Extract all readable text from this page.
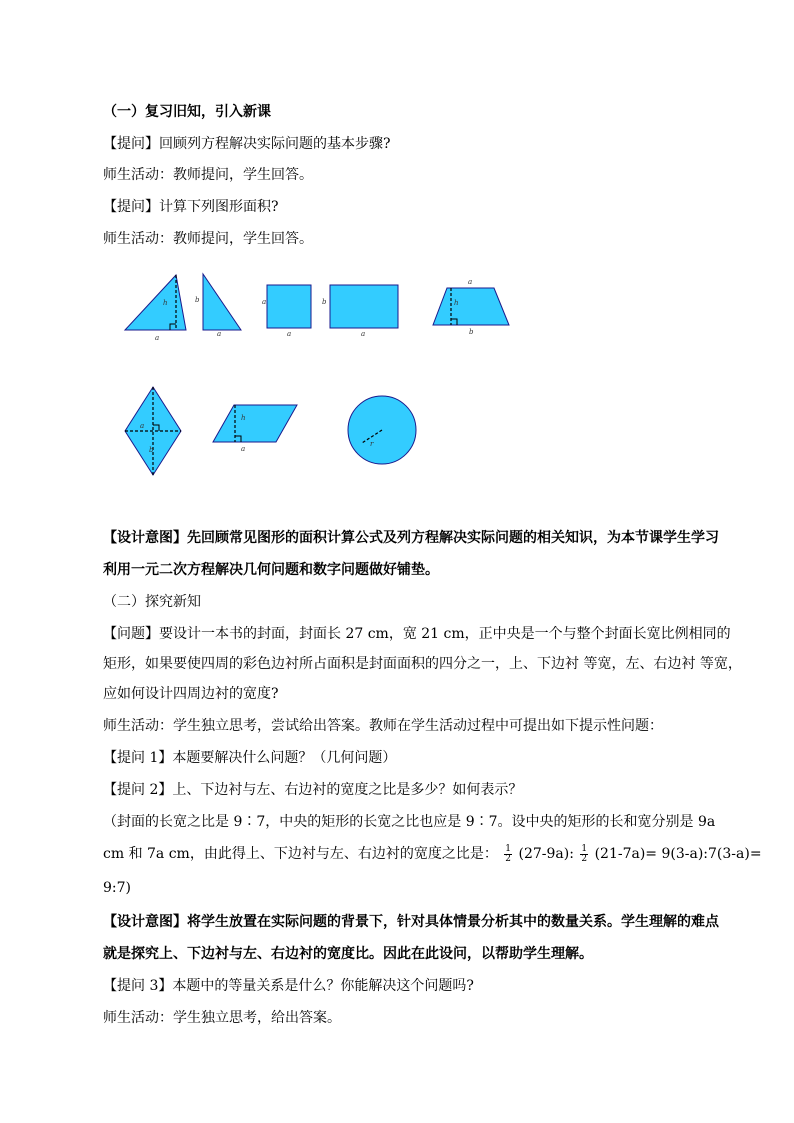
（一）复习旧知，引入新课
【提问】回顾列方程解决实际问题的基本步骤?
师生活动：教师提问，学生回答。
【提问】计算下列图形面积?
师生活动：教师提问，学生回答。
h
a
b
a
a
a
b
a
a
h
b
a
b
h
a
r
【设计意图】先回顾常见图形的面积计算公式及列方程解决实际问题的相关知识，为本节课学生学习
利用一元二次方程解决几何问题和数字问题做好铺垫。
（二）探究新知
【问题】要设计一本书的封面，封面长 27 cm，宽 21 cm，正中央是一个与整个封面长宽比例相同的
矩形，如果要使四周的彩色边衬所占面积是封面面积的四分之一，上、下边衬 等宽，左、右边衬 等宽，
应如何设计四周边衬的宽度?
师生活动：学生独立思考，尝试给出答案。教师在学生活动过程中可提出如下提示性问题：
【提问 1】本题要解决什么问题？（几何问题）
【提问 2】上、下边衬与左、右边衬的宽度之比是多少？如何表示？
（封面的长宽之比是 9∶7，中央的矩形的长宽之比也应是 9∶7。设中央的矩形的长和宽分别是 9a
cm 和 7a cm，由此得上、下边衬与左、右边衬的宽度之比是： $\frac{1}{2} (27-9a)$: $\frac{1}{2} (21-7a)=$ 9(3-a):7(3-a)=
9:7)
【设计意图】将学生放置在实际问题的背景下，针对具体情景分析其中的数量关系。学生理解的难点
就是探究上、下边衬与左、右边衬的宽度比。因此在此设问，以帮助学生理解。
【提问 3】本题中的等量关系是什么？你能解决这个问题吗?
师生活动：学生独立思考，给出答案。
